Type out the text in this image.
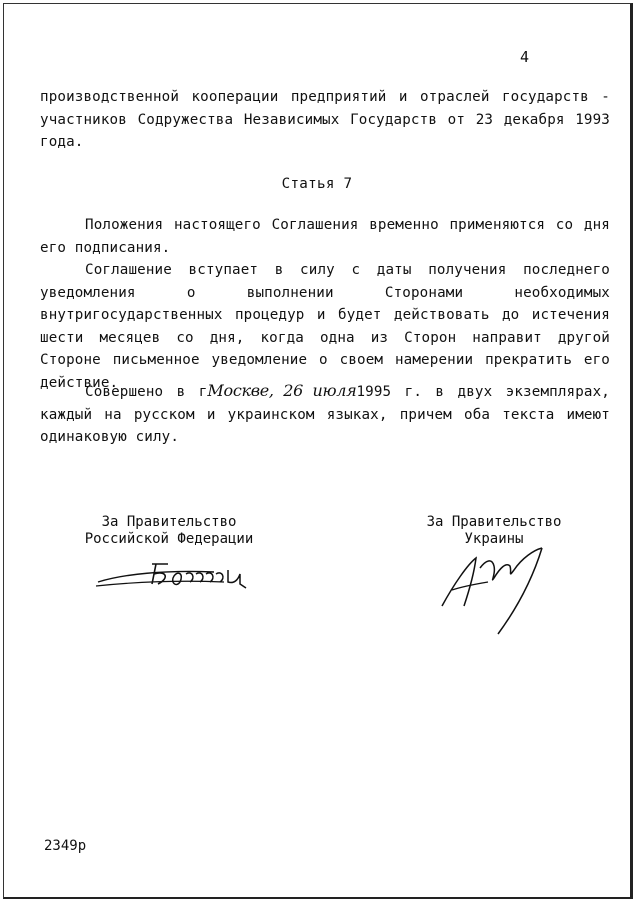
4

производственной кооперации предприятий и отраслей государств - участников Содружества Независимых Государств от 23 декабря 1993 года.

Статья 7

Положения настоящего Соглашения временно применяются со дня его подписания.

Соглашение вступает в силу с даты получения последнего уведомления о выполнении Сторонами необходимых внутригосударственных процедур и будет действовать до истечения шести месяцев со дня, когда одна из Сторон направит другой Стороне письменное уведомление о своем намерении прекратить его действие.

Совершено в гМоскве, 26 июля1995 г. в двух экземплярах, каждый на русском и украинском языках, причем оба текста имеют одинаковую силу.

За Правительство
Российской Федерации
За Правительство
Украины
2349р
